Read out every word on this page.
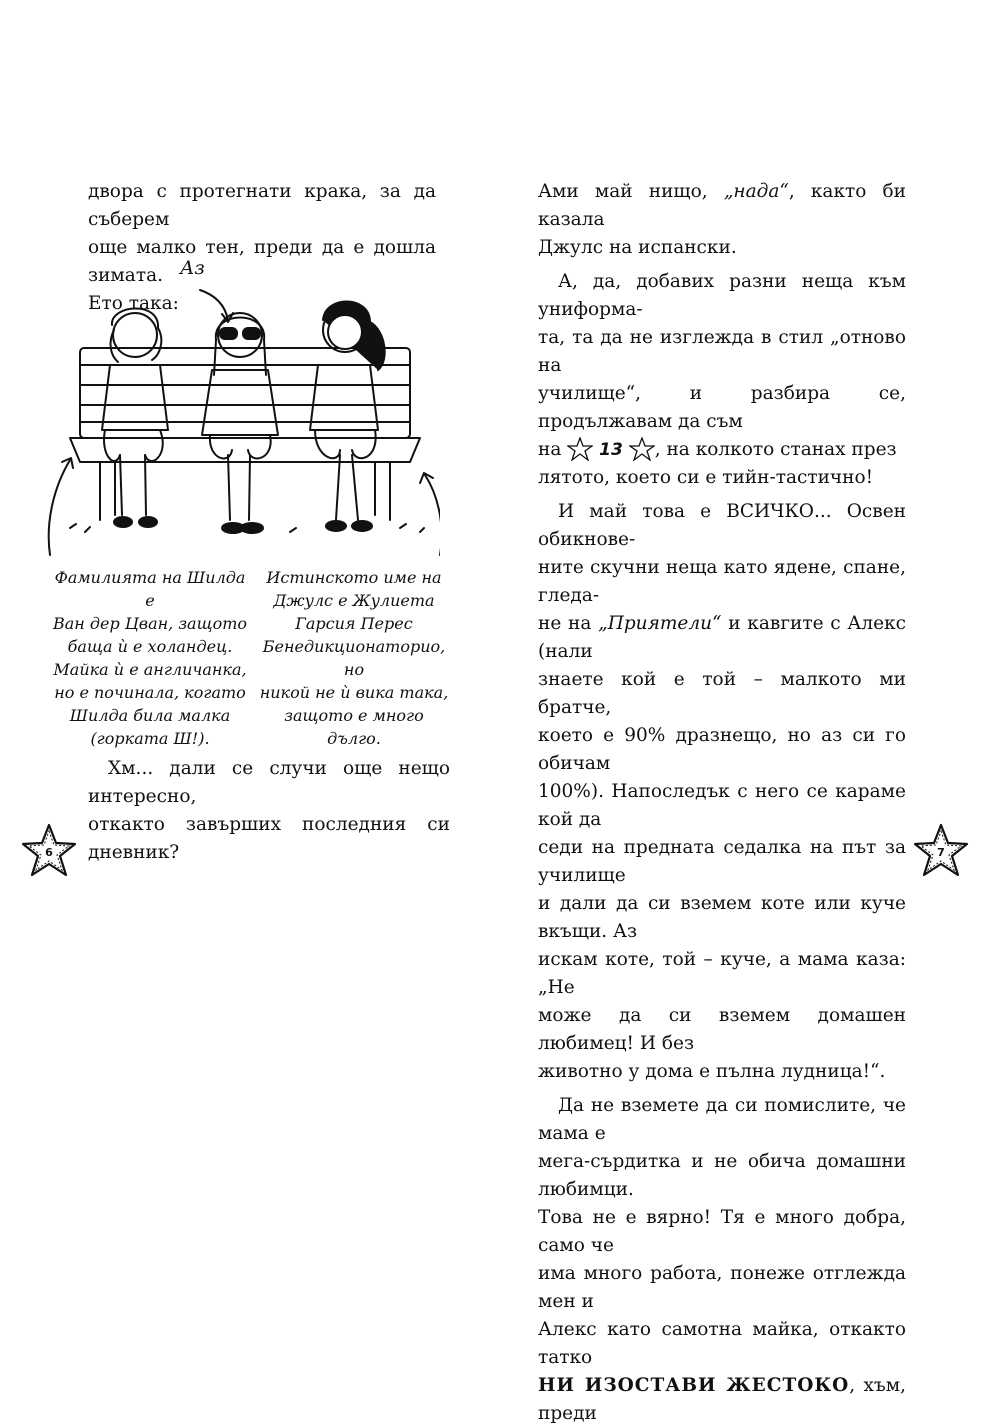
двора с протегнати крака, за да съберем
още малко тен, преди да е дошла зимата.
Ето така:
Аз
Фамилията на Шилда е
Ван дер Цван, защото
баща ѝ е холандец.
Майка ѝ е англичанка,
но е починала, когато
Шилда била малка
(горката Ш!).
Истинското име на
Джулс е Жулиета
Гарсия Перес
Бенедикционаторио, но
никой не ѝ вика така,
защото е много дълго.
Хм... дали се случи още нещо интересно,
откакто завърших последния си дневник?
6
Ами май нищо, „нада“, както би казала
Джулс на испански.
А, да, добавих разни неща към униформа-
та, та да не изглежда в стил „отново на
училище“, и разбира се, продължавам да съм
на 13 , на колкото станах през
лятото, което си е тийн-тастично!
И май това е ВСИЧКО... Освен обикнове-
ните скучни неща като ядене, спане, гледа-
не на „Приятели“ и кавгите с Алекс (нали
знаете кой е той – малкото ми братче,
което е 90% дразнещо, но аз си го обичам
100%). Напоследък с него се караме кой да
седи на предната седалка на път за училище
и дали да си вземем коте или куче вкъщи. Аз
искам коте, той – куче, а мама каза: „Не
може да си вземем домашен любимец! И без
животно у дома е пълна лудница!“.
Да не вземете да си помислите, че мама е
мега-сърдитка и не обича домашни любимци.
Това не е вярно! Тя е много добра, само че
има много работа, понеже отглежда мен и
Алекс като самотна майка, откакто татко
НИ ИЗОСТАВИ ЖЕСТОКО, хъм, преди
7
